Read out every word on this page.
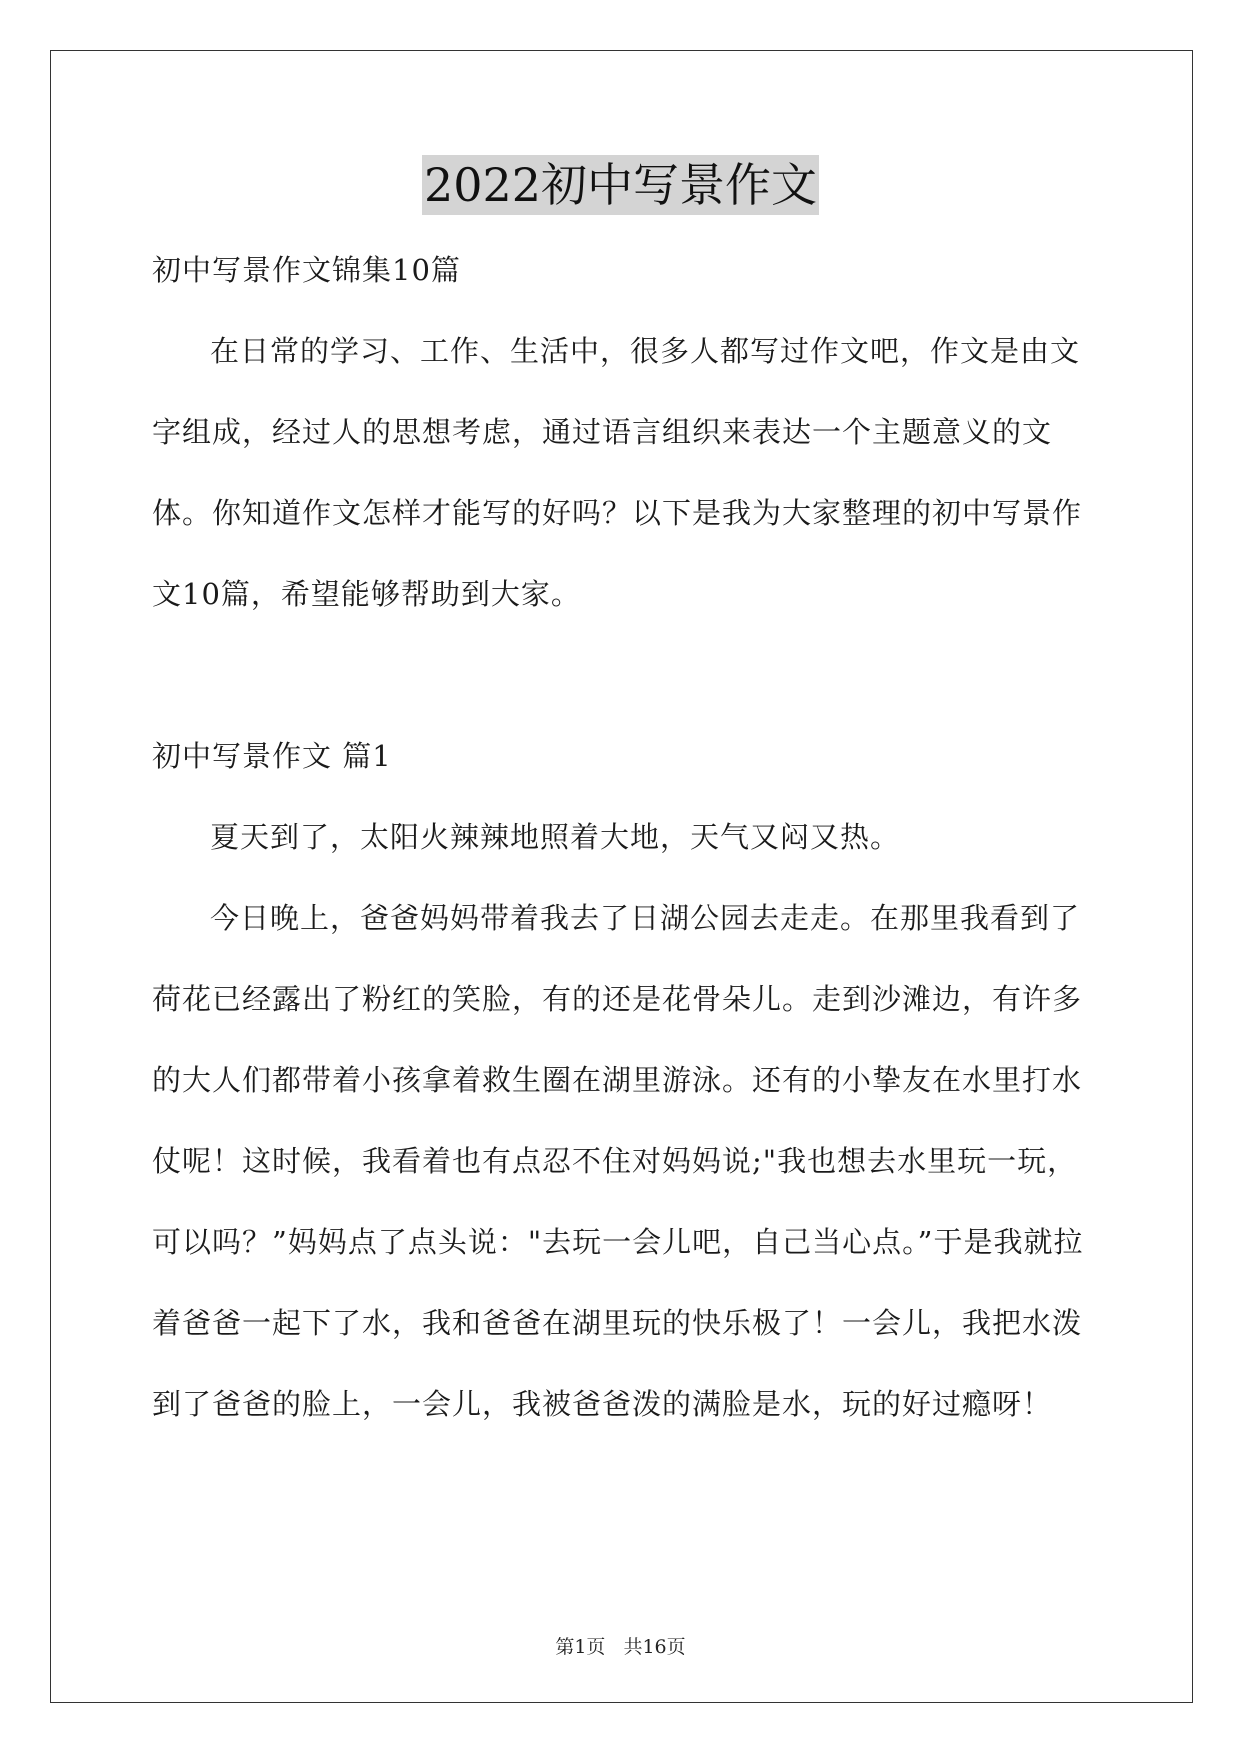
2022初中写景作文

初中写景作文锦集10篇

在日常的学习、工作、生活中，很多人都写过作文吧，作文是由文字组成，经过人的思想考虑，通过语言组织来表达一个主题意义的文体。你知道作文怎样才能写的好吗？以下是我为大家整理的初中写景作文10篇，希望能够帮助到大家。

初中写景作文 篇1

夏天到了，太阳火辣辣地照着大地，天气又闷又热。

今日晚上，爸爸妈妈带着我去了日湖公园去走走。在那里我看到了荷花已经露出了粉红的笑脸，有的还是花骨朵儿。走到沙滩边，有许多的大人们都带着小孩拿着救生圈在湖里游泳。还有的小挚友在水里打水仗呢！这时候，我看着也有点忍不住对妈妈说;"我也想去水里玩一玩，可以吗？”妈妈点了点头说："去玩一会儿吧，自己当心点。”于是我就拉着爸爸一起下了水，我和爸爸在湖里玩的快乐极了！一会儿，我把水泼到了爸爸的脸上，一会儿，我被爸爸泼的满脸是水，玩的好过瘾呀！

第1页 共16页
